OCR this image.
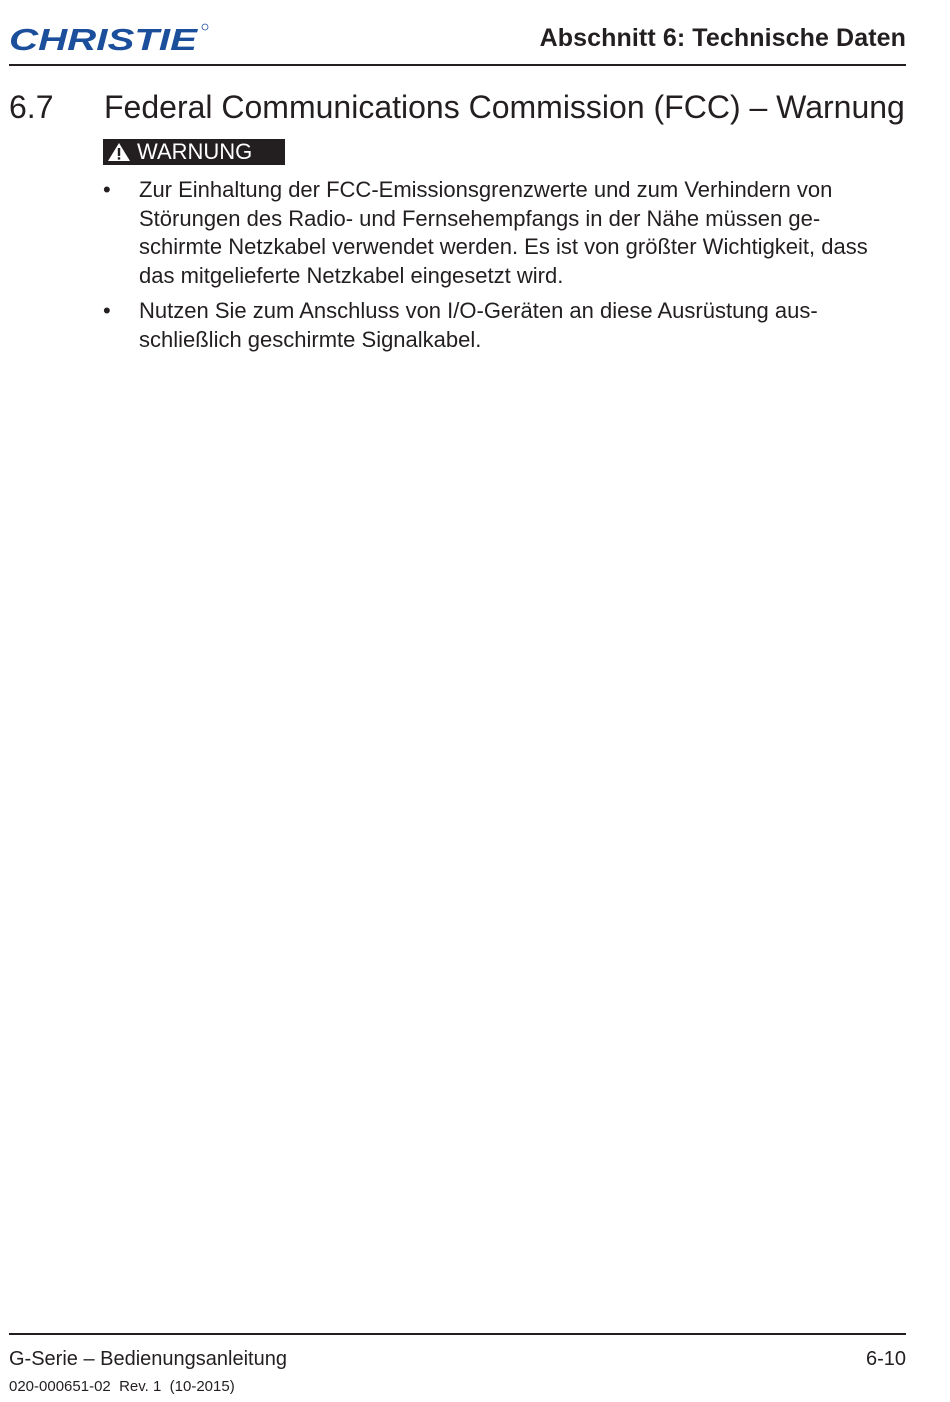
CHRISTIE	Abschnitt 6: Technische Daten
6.7 Federal Communications Commission (FCC) – Warnung
WARNUNG
• Zur Einhaltung der FCC-Emissionsgrenzwerte und zum Verhindern von
Störungen des Radio- und Fernsehempfangs in der Nähe müssen ge-
schirmte Netzkabel verwendet werden. Es ist von größter Wichtigkeit, dass
das mitgelieferte Netzkabel eingesetzt wird.
• Nutzen Sie zum Anschluss von I/O-Geräten an diese Ausrüstung aus-
schließlich geschirmte Signalkabel.
G-Serie – Bedienungsanleitung	6-10
020-000651-02  Rev. 1  (10-2015)
